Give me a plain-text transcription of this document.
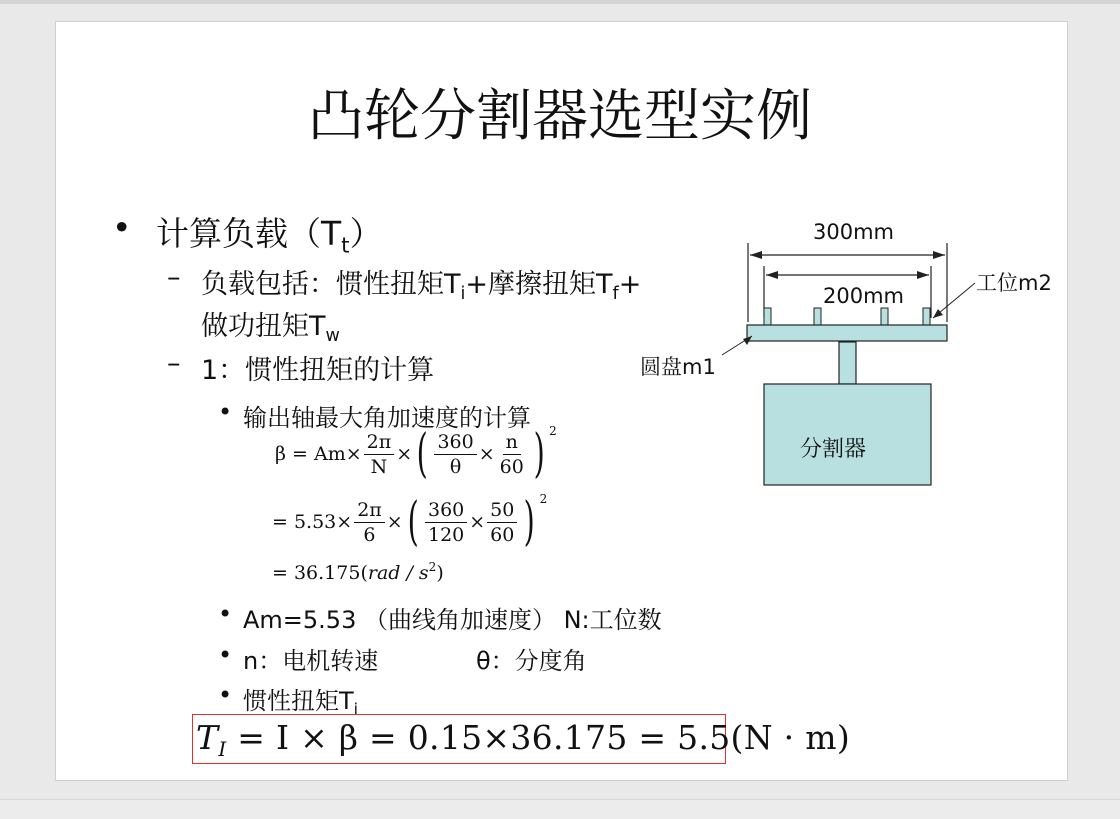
凸轮分割器选型实例
• 计算负载$(T_t)$
– 负载包括：惯性扭矩$T_i+$摩擦扭矩$T_f+$
做功扭矩$T_w$
– 1：惯性扭矩的计算
• 输出轴最大角加速度的计算
$\beta = Am\times \frac{2\pi}{N}$ × ( $\frac{360}{\theta} \times \frac{n}{60}$ ) 2
= $5.53\times \frac{2\pi}{6}$ × ( $\frac{360}{120} \times \frac{50}{60}$ ) 2
= 36.175( rad / s 2 )
• Am=5.53 （曲线角加速度） N:工位数
• n：电机转速	θ：分度角
• 惯性扭矩$T_i$
$T_I = I \times \beta = 0.15\times 36.175 = 5.5(N \cdot m)$
300mm
200mm
工位m2
圆盘m1
分割器
